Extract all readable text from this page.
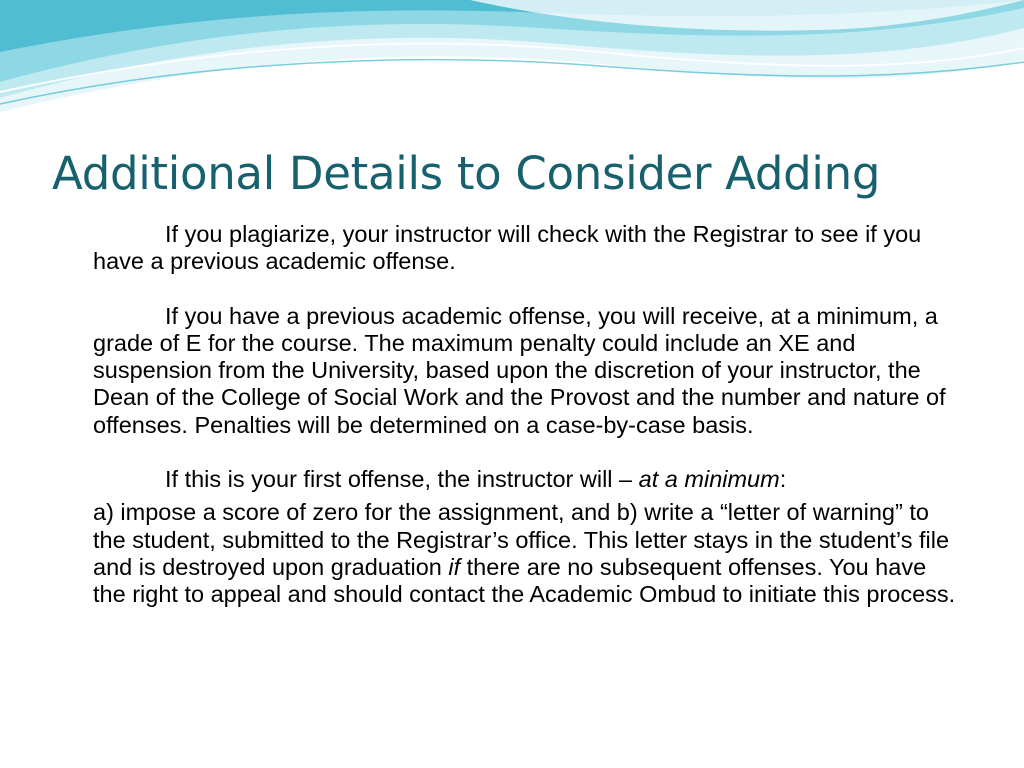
Additional Details to Consider Adding

If you plagiarize, your instructor will check with the Registrar to see if you have a previous academic offense.

If you have a previous academic offense, you will receive, at a minimum, a grade of E for the course. The maximum penalty could include an XE and suspension from the University, based upon the discretion of your instructor, the Dean of the College of Social Work and the Provost and the number and nature of offenses. Penalties will be determined on a case-by-case basis.

If this is your first offense, the instructor will – at a minimum:

a) impose a score of zero for the assignment, and b) write a “letter of warning” to the student, submitted to the Registrar’s office. This letter stays in the student’s file and is destroyed upon graduation if there are no subsequent offenses. You have the right to appeal and should contact the Academic Ombud to initiate this process.
